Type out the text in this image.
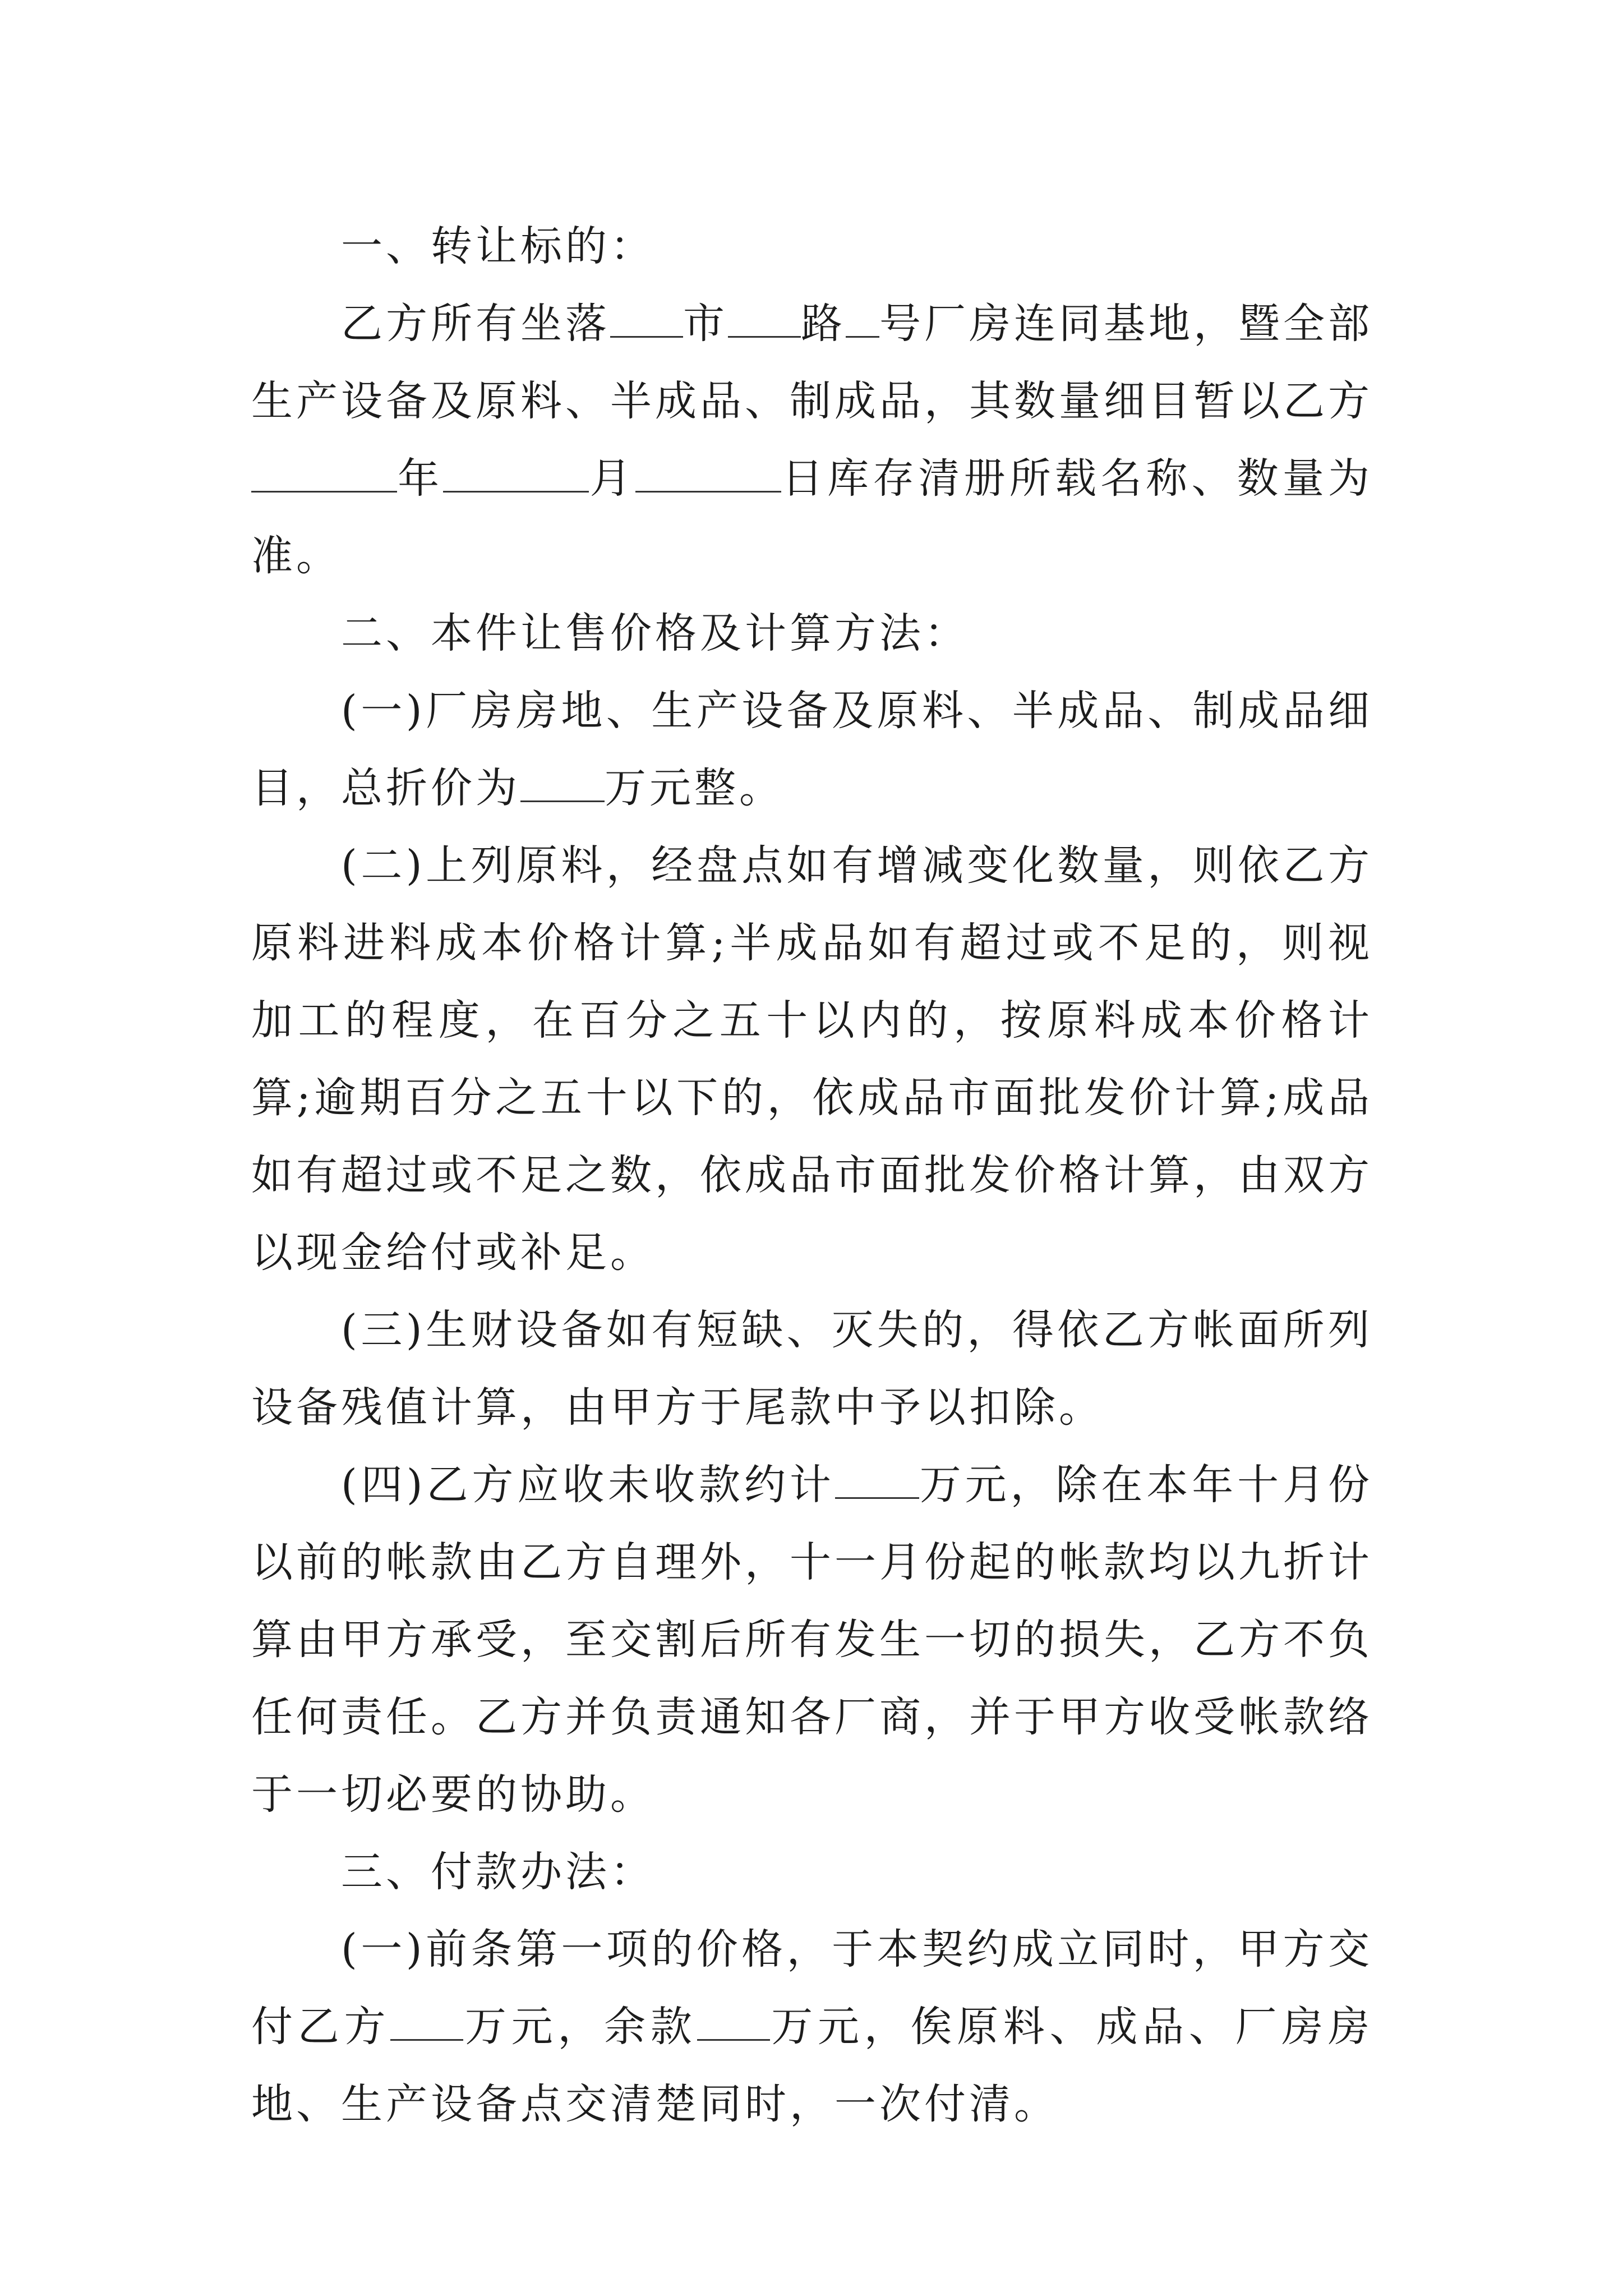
一、转让标的：

乙方所有坐落 市 路 号厂房连同基地，暨全部生产设备及原料、半成品、制成品，其数量细目暂以乙方年	月	日库存清册所载名称、数量为准。

二、本件让售价格及计算方法：

(一)厂房房地、生产设备及原料、半成品、制成品细目，总折价为 万元整。

(二)上列原料，经盘点如有增减变化数量，则依乙方原料进料成本价格计算;半成品如有超过或不足的，则视加工的程度，在百分之五十以内的，按原料成本价格计算;逾期百分之五十以下的，依成品市面批发价计算;成品如有超过或不足之数，依成品市面批发价格计算，由双方以现金给付或补足。

(三)生财设备如有短缺、灭失的，得依乙方帐面所列设备残值计算，由甲方于尾款中予以扣除。

(四)乙方应收未收款约计 万元，除在本年十月份以前的帐款由乙方自理外，十一月份起的帐款均以九折计算由甲方承受，至交割后所有发生一切的损失，乙方不负任何责任。乙方并负责通知各厂商，并于甲方收受帐款络于一切必要的协助。

三、付款办法：

(一)前条第一项的价格，于本契约成立同时，甲方交付乙方 万元，余款 万元，俟原料、成品、厂房房地、生产设备点交清楚同时，一次付清。
